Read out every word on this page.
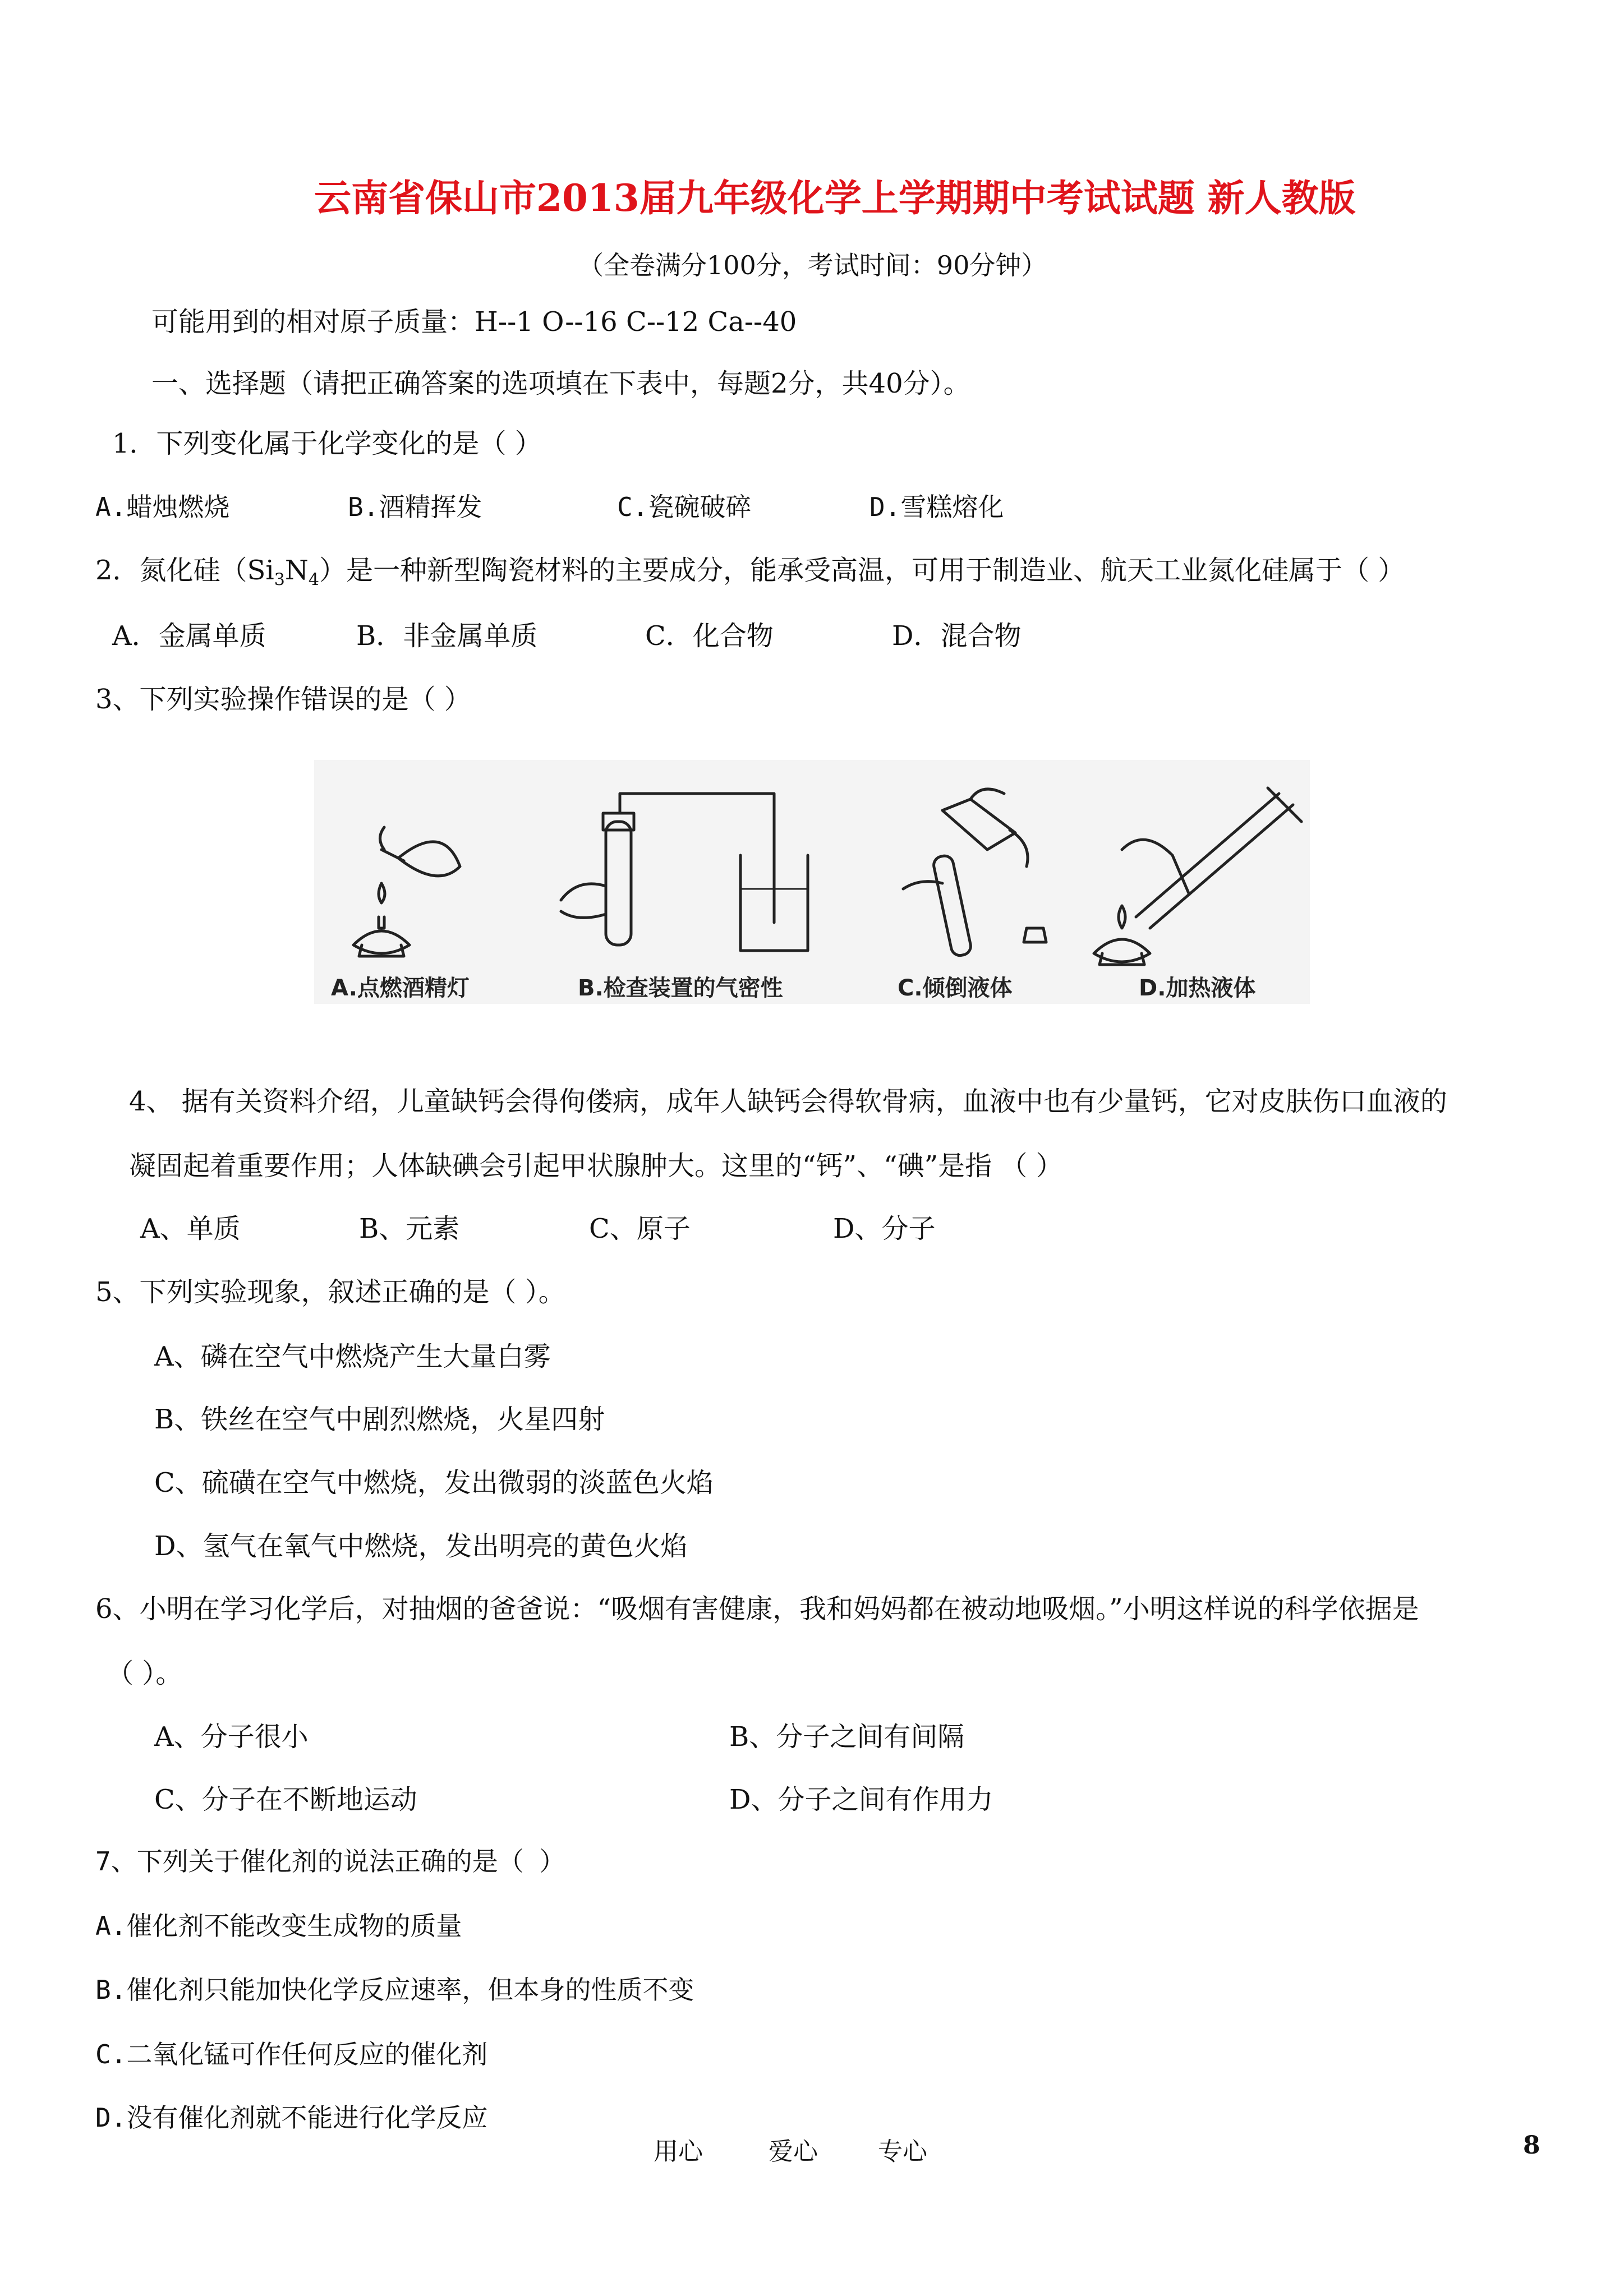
云南省保山市2013届九年级化学上学期期中考试试题 新人教版
（全卷满分100分，考试时间：90分钟）
可能用到的相对原子质量：H--1 O--16 C--12 Ca--40
一、选择题（请把正确答案的选项填在下表中，每题2分，共40分）。
1．下列变化属于化学变化的是（ ）
A.蜡烛燃烧	B.酒精挥发	C.瓷碗破碎	D.雪糕熔化
2．氮化硅$(Si_3N_4)$是一种新型陶瓷材料的主要成分，能承受高温，可用于制造业、航天工业氮化硅属于（ ）
A．金属单质	B．非金属单质	C．化合物	D．混合物
3、下列实验操作错误的是（ ）
A.点燃酒精灯	B.检查装置的气密性	C.倾倒液体	D.加热液体
4、 据有关资料介绍，儿童缺钙会得佝偻病，成年人缺钙会得软骨病，血液中也有少量钙，它对皮肤伤口血液的
凝固起着重要作用；人体缺碘会引起甲状腺肿大。这里的“钙”、“碘”是指 （ ）
A、单质	B、元素	C、原子	D、分子
5、下列实验现象，叙述正确的是（ ）。
A、磷在空气中燃烧产生大量白雾
B、铁丝在空气中剧烈燃烧，火星四射
C、硫磺在空气中燃烧，发出微弱的淡蓝色火焰
D、氢气在氧气中燃烧，发出明亮的黄色火焰
6、小明在学习化学后，对抽烟的爸爸说：“吸烟有害健康，我和妈妈都在被动地吸烟。”小明这样说的科学依据是
（ ）。
A、分子很小	B、分子之间有间隔
C、分子在不断地运动	D、分子之间有作用力
7、下列关于催化剂的说法正确的是（ ）
A.催化剂不能改变生成物的质量
B.催化剂只能加快化学反应速率，但本身的性质不变
C.二氧化锰可作任何反应的催化剂
D.没有催化剂就不能进行化学反应
用心	爱心 专心	8
